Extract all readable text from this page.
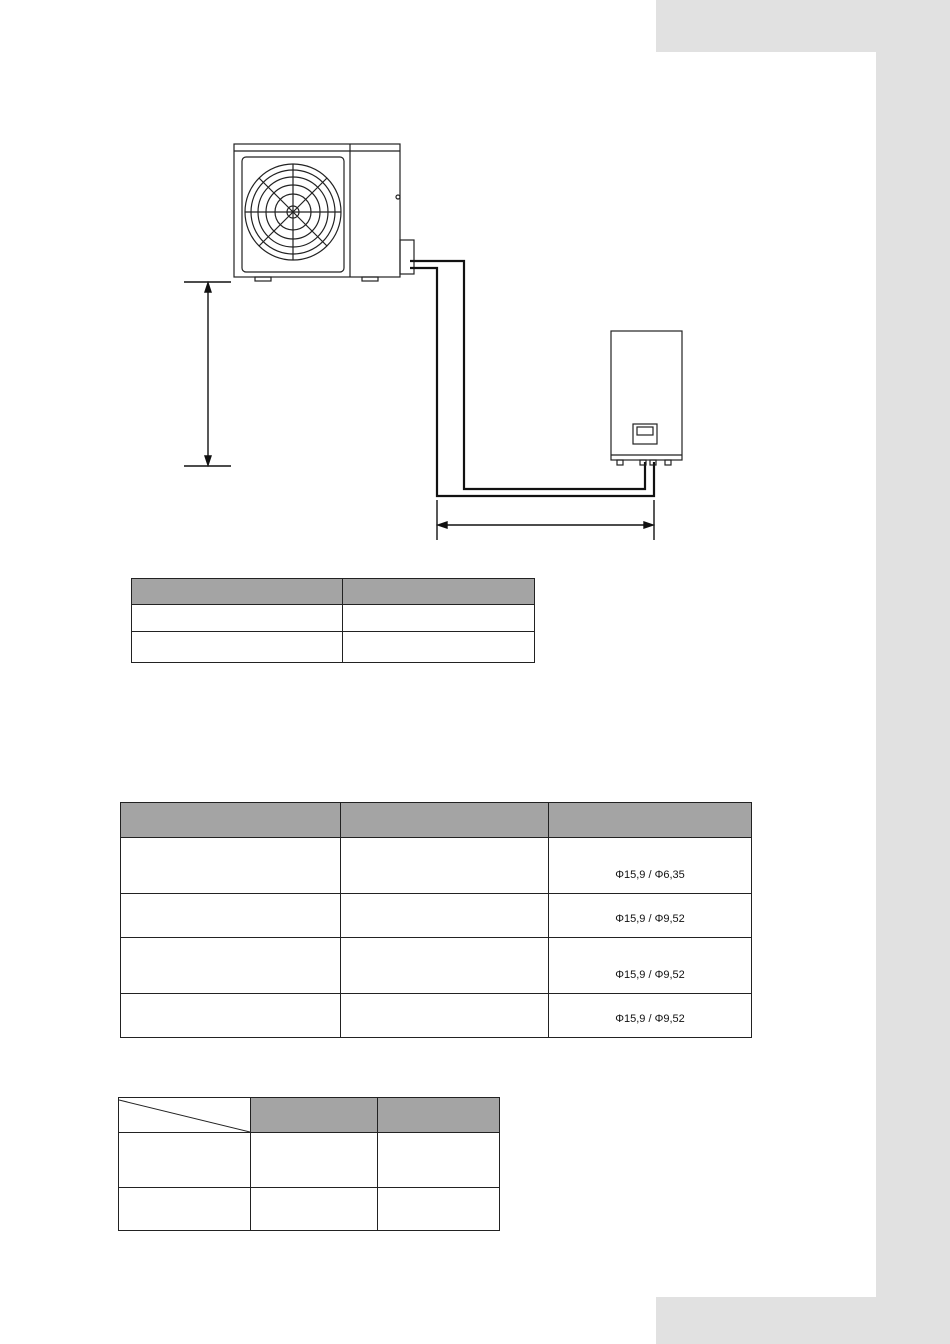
		Φ15,9 / Φ6,35
		Φ15,9 / Φ9,52
		Φ15,9 / Φ9,52
		Φ15,9 / Φ9,52
